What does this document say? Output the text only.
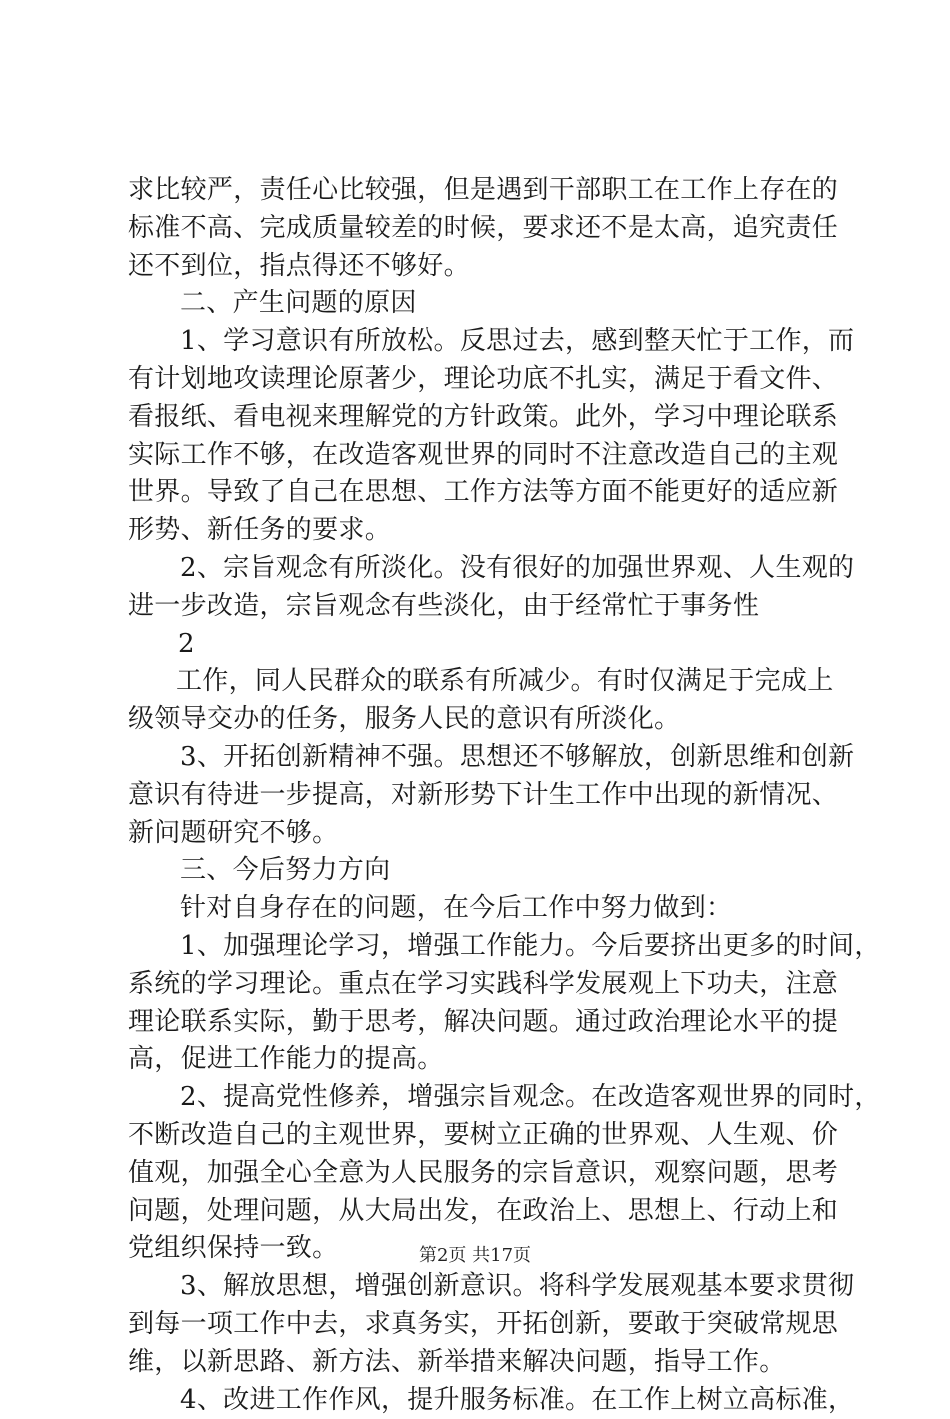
求比较严，责任心比较强，但是遇到干部职工在工作上存在的
标准不高、完成质量较差的时候，要求还不是太高，追究责任
还不到位，指点得还不够好。
二、产生问题的原因
1、学习意识有所放松。反思过去，感到整天忙于工作，而
有计划地攻读理论原著少，理论功底不扎实，满足于看文件、
看报纸、看电视来理解党的方针政策。此外，学习中理论联系
实际工作不够，在改造客观世界的同时不注意改造自己的主观
世界。导致了自己在思想、工作方法等方面不能更好的适应新
形势、新任务的要求。
2、宗旨观念有所淡化。没有很好的加强世界观、人生观的
进一步改造，宗旨观念有些淡化，由于经常忙于事务性
2
工作，同人民群众的联系有所减少。有时仅满足于完成上
级领导交办的任务，服务人民的意识有所淡化。
3、开拓创新精神不强。思想还不够解放，创新思维和创新
意识有待进一步提高，对新形势下计生工作中出现的新情况、
新问题研究不够。
三、今后努力方向
针对自身存在的问题，在今后工作中努力做到：
1、加强理论学习，增强工作能力。今后要挤出更多的时间，
系统的学习理论。重点在学习实践科学发展观上下功夫，注意
理论联系实际，勤于思考，解决问题。通过政治理论水平的提
高，促进工作能力的提高。
2、提高党性修养，增强宗旨观念。在改造客观世界的同时，
不断改造自己的主观世界，要树立正确的世界观、人生观、价
值观，加强全心全意为人民服务的宗旨意识，观察问题，思考
问题，处理问题，从大局出发，在政治上、思想上、行动上和
党组织保持一致。
3、解放思想，增强创新意识。将科学发展观基本要求贯彻
到每一项工作中去，求真务实，开拓创新，要敢于突破常规思
维，以新思路、新方法、新举措来解决问题，指导工作。
4、改进工作作风，提升服务标准。在工作上树立高标准，
第2页 共17页
